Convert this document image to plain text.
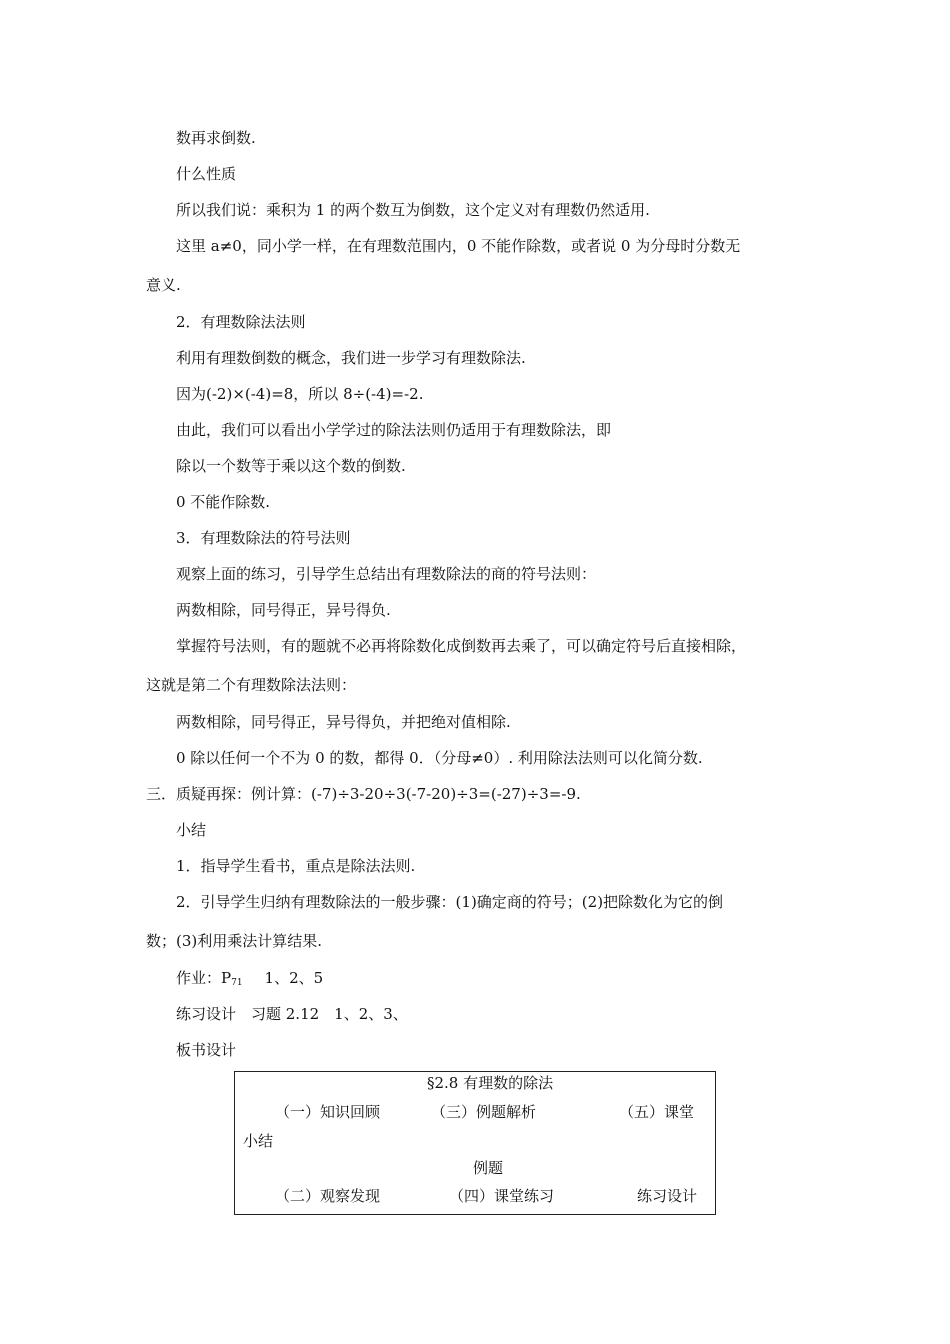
数再求倒数.
什么性质
所以我们说：乘积为 1 的两个数互为倒数，这个定义对有理数仍然适用.
这里 a≠0，同小学一样，在有理数范围内，0 不能作除数，或者说 0 为分母时分数无
意义.
2．有理数除法法则
利用有理数倒数的概念，我们进一步学习有理数除法.
因为(-2)×(-4)=8，所以 8÷(-4)=-2.
由此，我们可以看出小学学过的除法法则仍适用于有理数除法，即
除以一个数等于乘以这个数的倒数.
0 不能作除数.
3．有理数除法的符号法则
观察上面的练习，引导学生总结出有理数除法的商的符号法则：
两数相除，同号得正，异号得负.
掌握符号法则，有的题就不必再将除数化成倒数再去乘了，可以确定符号后直接相除，
这就是第二个有理数除法法则：
两数相除，同号得正，异号得负，并把绝对值相除.
0 除以任何一个不为 0 的数，都得 0．（分母≠0）. 利用除法法则可以化简分数.
三．质疑再探：例计算：(-7)÷3-20÷3(-7-20)÷3=(-27)÷3=-9.
小结
1．指导学生看书，重点是除法法则.
2．引导学生归纳有理数除法的一般步骤：(1)确定商的符号；(2)把除数化为它的倒
数；(3)利用乘法计算结果.
作业：$P_{71}$ 1、2、5
练习设计　习题 2.12　1、2、3、
板书设计
§2.8 有理数的除法
（一）知识回顾	（三）例题解析	（五）课堂
小结
例题
（二）观察发现	（四）课堂练习	练习设计
